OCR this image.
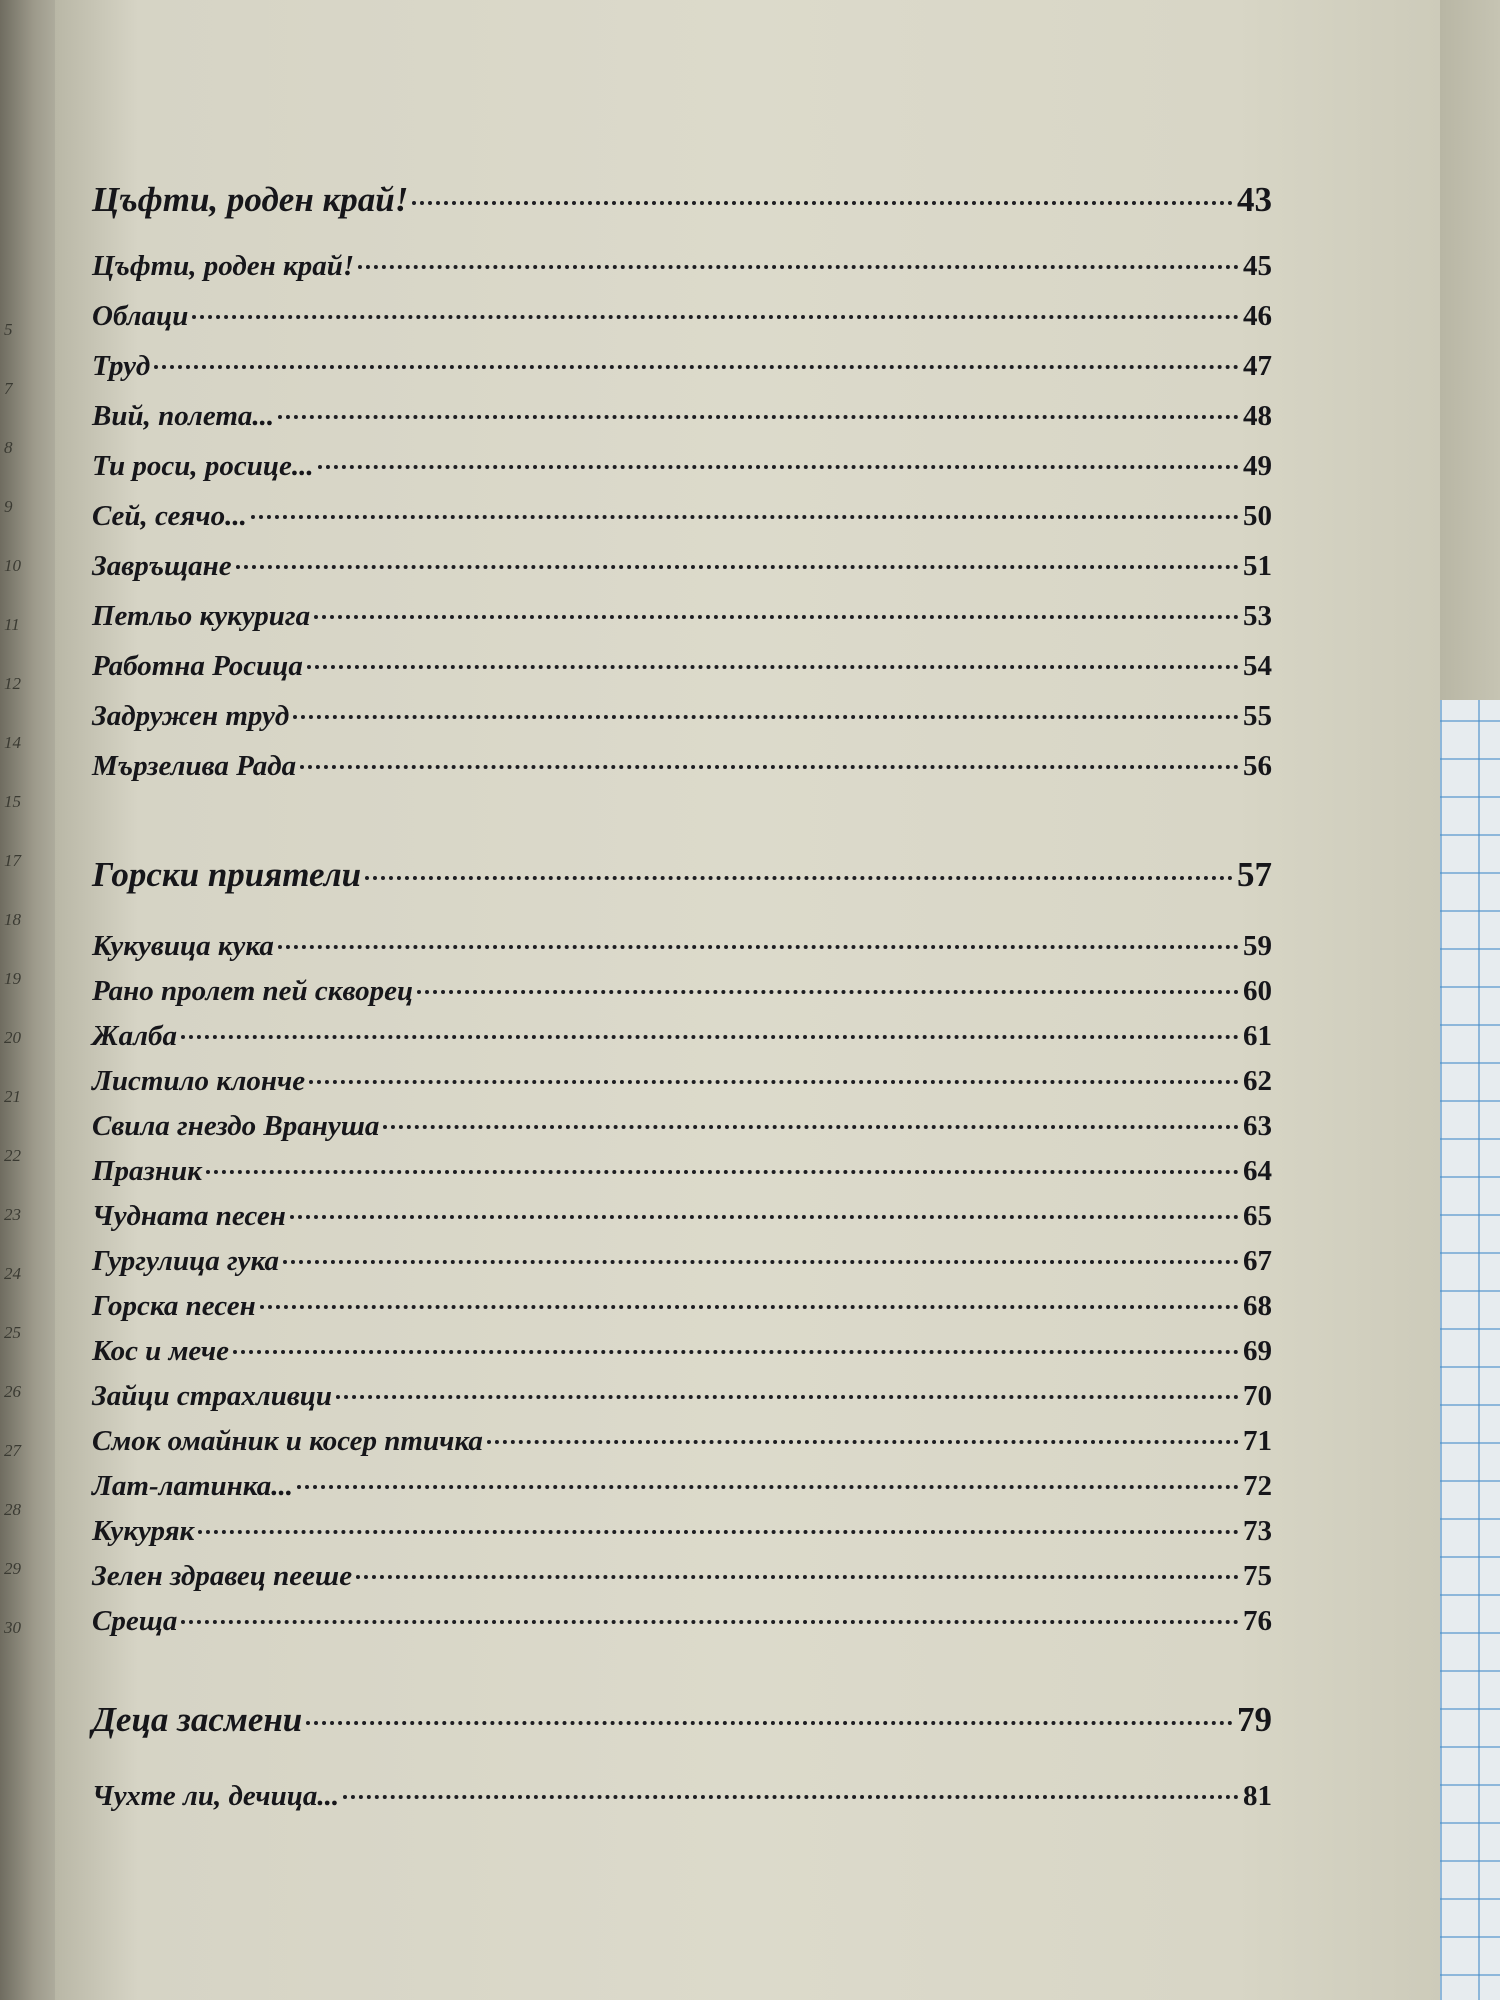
5
7
8
9
10
11
12
14
15
17
18
19
20
21
22
23
24
25
26
27
28
29
30
Цъфти, роден край!	43
Цъфти, роден край!	45
Облаци	46
Труд	47
Вий, полета...	48
Ти роси, росице...	49
Сей, сеячо...	50
Завръщане	51
Петльо кукурига	53
Работна Росица	54
Задружен труд	55
Мързелива Рада	56
Горски приятели	57
Кукувица кука	59
Рано пролет пей скворец	60
Жалба	61
Листило клонче	62
Свила гнездо Врануша	63
Празник	64
Чудната песен	65
Гургулица гука	67
Горска песен	68
Кос и мече	69
Зайци страхливци	70
Смок омайник и косер птичка	71
Лат-латинка...	72
Кукуряк	73
Зелен здравец пееше	75
Среща	76
Деца засмени	79
Чухте ли, дечица...	81
